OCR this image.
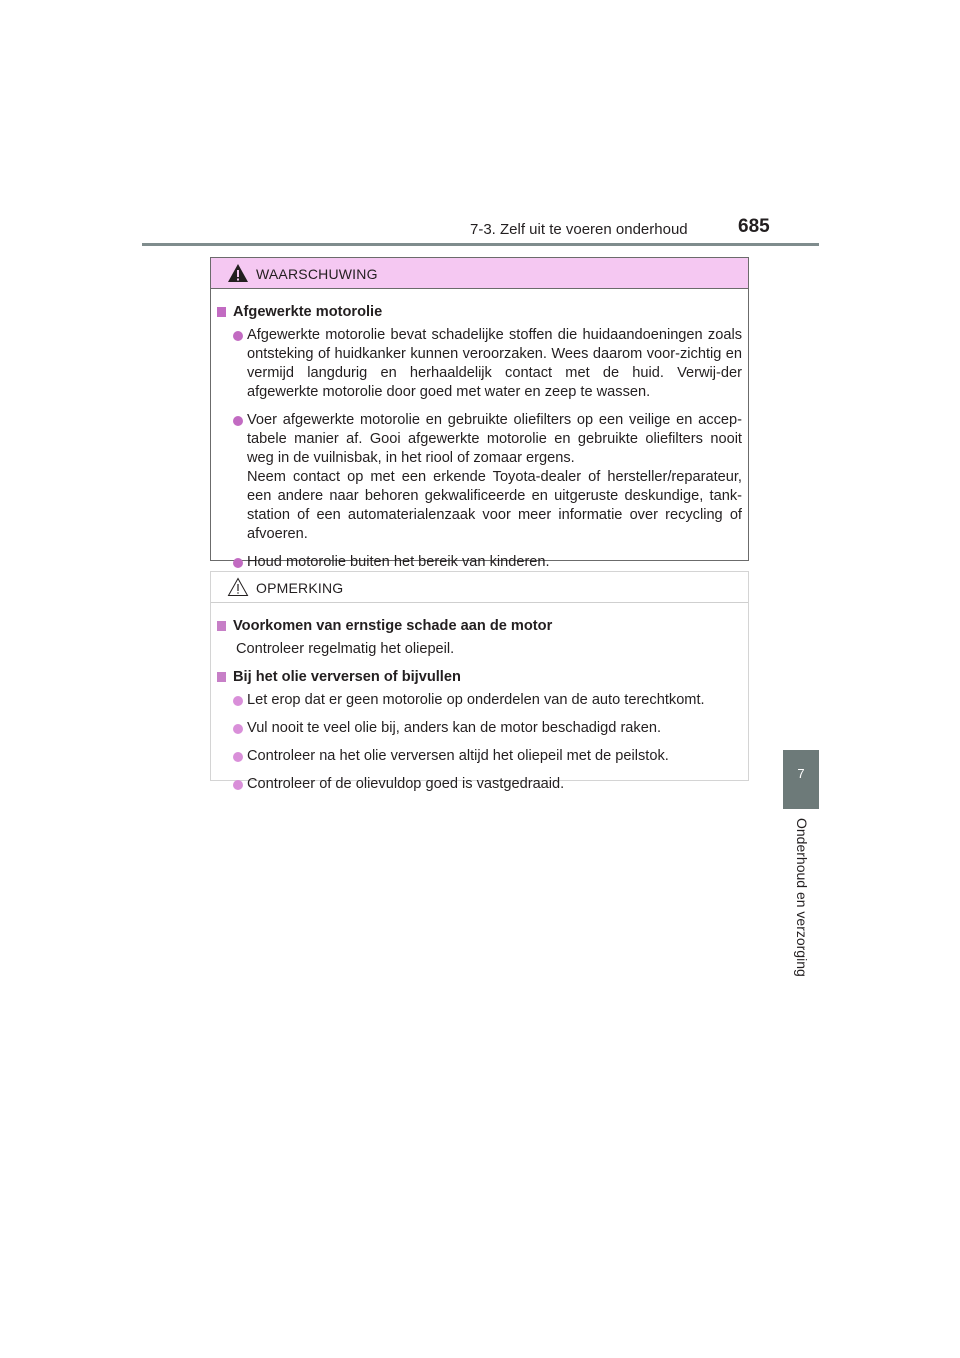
7-3. Zelf uit te voeren onderhoud	685
7
Onderhoud en verzorging
WAARSCHUWING
Afgewerkte motorolie
Afgewerkte motorolie bevat schadelijke stoffen die huidaandoeningen zoals ontsteking of huidkanker kunnen veroorzaken. Wees daarom voor-zichtig en vermijd langdurig en herhaaldelijk contact met de huid. Verwij-der afgewerkte motorolie door goed met water en zeep te wassen.
Voer afgewerkte motorolie en gebruikte oliefilters op een veilige en accep-tabele manier af. Gooi afgewerkte motorolie en gebruikte oliefilters nooit weg in de vuilnisbak, in het riool of zomaar ergens.
Neem contact op met een erkende Toyota-dealer of hersteller/reparateur, een andere naar behoren gekwalificeerde en uitgeruste deskundige, tank-station of een automaterialenzaak voor meer informatie over recycling of afvoeren.
Houd motorolie buiten het bereik van kinderen.
OPMERKING
Voorkomen van ernstige schade aan de motor
Controleer regelmatig het oliepeil.
Bij het olie verversen of bijvullen
Let erop dat er geen motorolie op onderdelen van de auto terechtkomt.
Vul nooit te veel olie bij, anders kan de motor beschadigd raken.
Controleer na het olie verversen altijd het oliepeil met de peilstok.
Controleer of de olievuldop goed is vastgedraaid.
